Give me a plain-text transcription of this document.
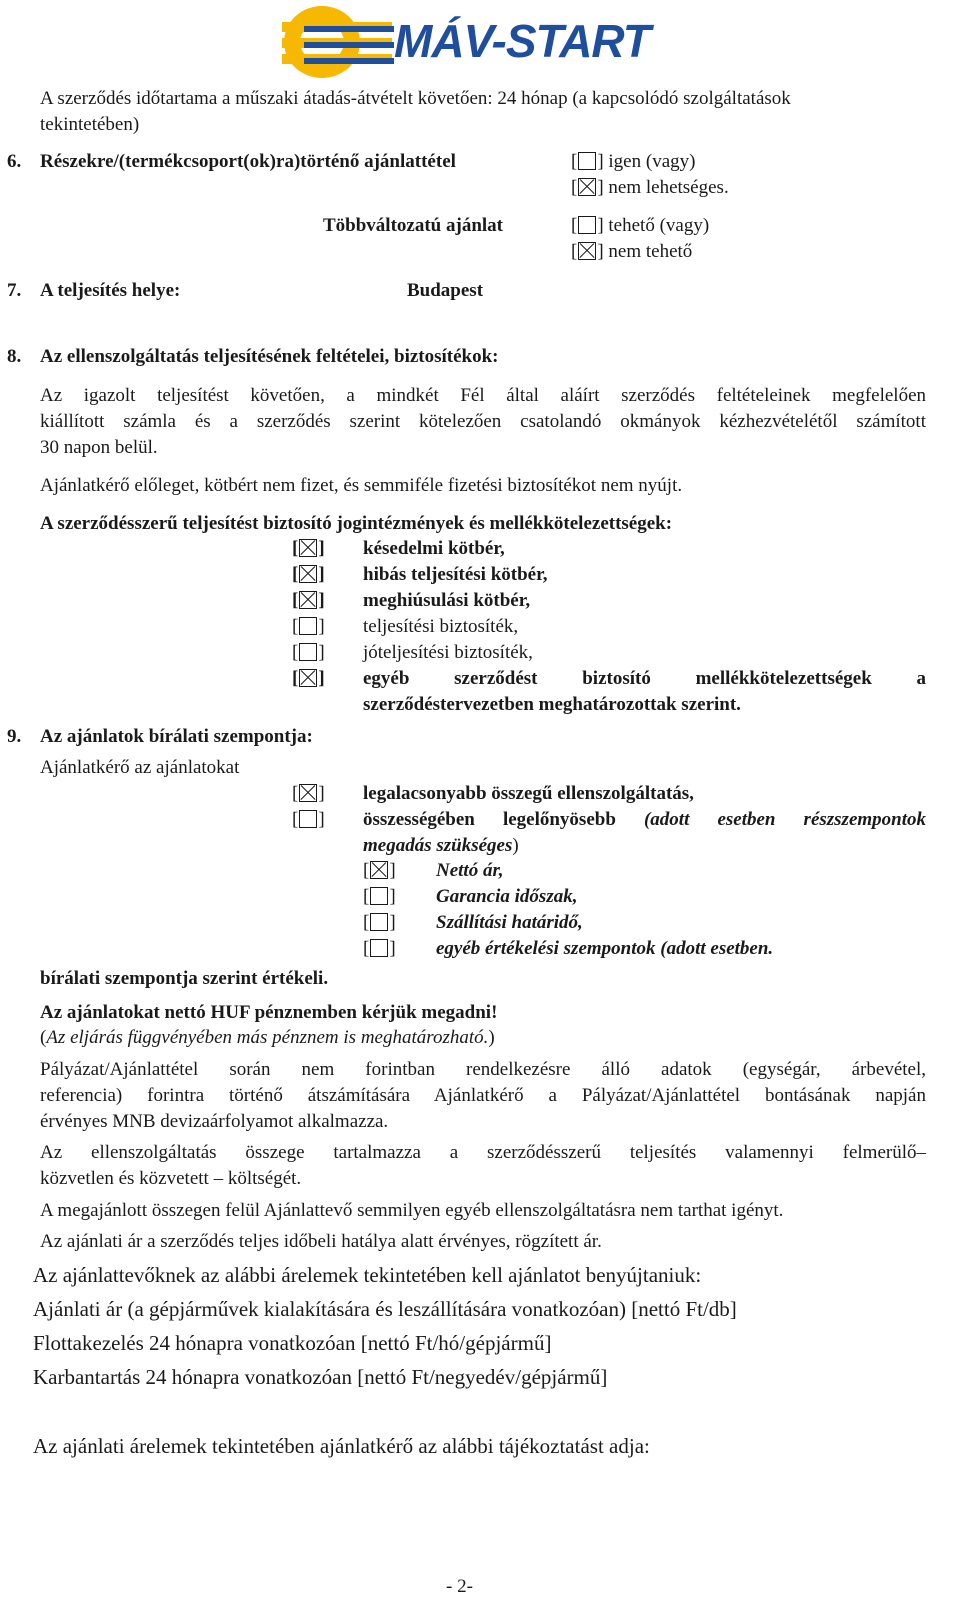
MÁV-START
A szerződés időtartama a műszaki átadás-átvételt követően: 24 hónap (a kapcsolódó szolgáltatások
tekintetében)
6. Részekre/(termékcsoport(ok)ra)történő ajánlattétel	[ ] igen (vagy)
[ ] nem lehetséges.
Többváltozatú ajánlat	[ ] tehető (vagy)
[ ] nem tehető
7. A teljesítés helye:	Budapest
8. Az ellenszolgáltatás teljesítésének feltételei, biztosítékok:
Az igazolt teljesítést követően, a mindkét Fél által aláírt szerződés feltételeinek megfelelően
kiállított számla és a szerződés szerint kötelezően csatolandó okmányok kézhezvételétől számított
30 napon belül.
Ajánlatkérő előleget, kötbért nem fizet, és semmiféle fizetési biztosítékot nem nyújt.
A szerződésszerű teljesítést biztosító jogintézmények és mellékkötelezettségek:
[ ] késedelmi kötbér,
[ ] hibás teljesítési kötbér,
[ ] meghiúsulási kötbér,
[ ] teljesítési biztosíték,
[ ] jóteljesítési biztosíték,
[ ] egyéb szerződést biztosító mellékkötelezettségek a
szerződéstervezetben meghatározottak szerint.
9. Az ajánlatok bírálati szempontja:
Ajánlatkérő az ajánlatokat
[ ] legalacsonyabb összegű ellenszolgáltatás,
[ ] összességében legelőnyösebb (adott esetben részszempontok
megadás szükséges)
[ ] Nettó ár,
[ ] Garancia időszak,
[ ] Szállítási határidő,
[ ] egyéb értékelési szempontok (adott esetben.
bírálati szempontja szerint értékeli.
Az ajánlatokat nettó HUF pénznemben kérjük megadni!
(Az eljárás függvényében más pénznem is meghatározható.)
Pályázat/Ajánlattétel során nem forintban rendelkezésre álló adatok (egységár, árbevétel,
referencia) forintra történő átszámítására Ajánlatkérő a Pályázat/Ajánlattétel bontásának napján
érvényes MNB devizaárfolyamot alkalmazza.
Az ellenszolgáltatás összege tartalmazza a szerződésszerű teljesítés valamennyi felmerülő–
közvetlen és közvetett – költségét.
A megajánlott összegen felül Ajánlattevő semmilyen egyéb ellenszolgáltatásra nem tarthat igényt.
Az ajánlati ár a szerződés teljes időbeli hatálya alatt érvényes, rögzített ár.
Az ajánlattevőknek az alábbi árelemek tekintetében kell ajánlatot benyújtaniuk:
Ajánlati ár (a gépjárművek kialakítására és leszállítására vonatkozóan) [nettó Ft/db]
Flottakezelés 24 hónapra vonatkozóan [nettó Ft/hó/gépjármű]
Karbantartás 24 hónapra vonatkozóan [nettó Ft/negyedév/gépjármű]
Az ajánlati árelemek tekintetében ajánlatkérő az alábbi tájékoztatást adja:
- 2-
